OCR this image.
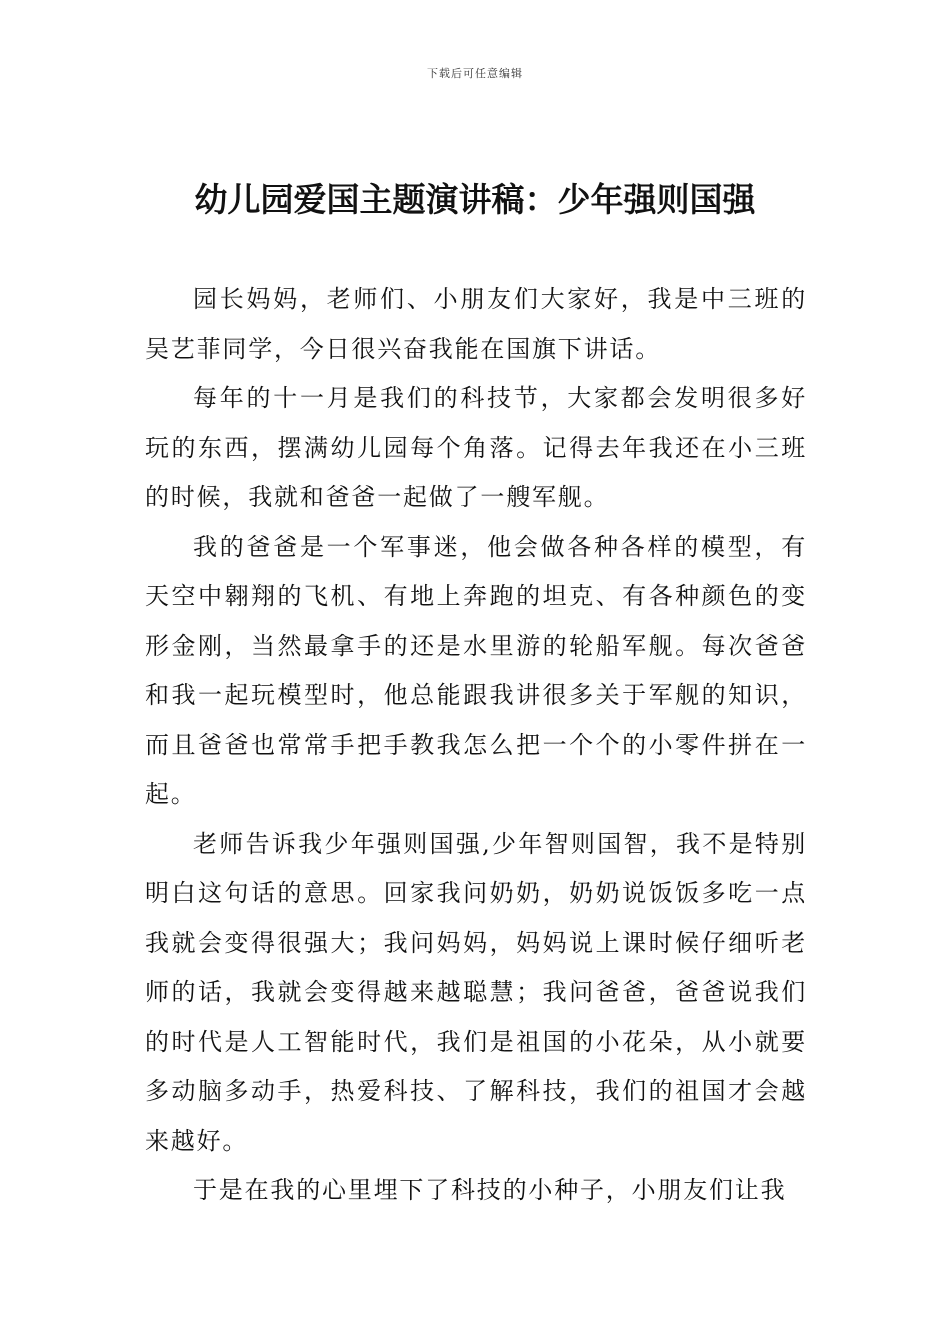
下载后可任意编辑
幼儿园爱国主题演讲稿：少年强则国强

园长妈妈，老师们、小朋友们大家好，我是中三班的吴艺菲同学，今日很兴奋我能在国旗下讲话。

每年的十一月是我们的科技节，大家都会发明很多好玩的东西，摆满幼儿园每个角落。记得去年我还在小三班的时候，我就和爸爸一起做了一艘军舰。

我的爸爸是一个军事迷，他会做各种各样的模型，有天空中翱翔的飞机、有地上奔跑的坦克、有各种颜色的变形金刚，当然最拿手的还是水里游的轮船军舰。每次爸爸和我一起玩模型时，他总能跟我讲很多关于军舰的知识，而且爸爸也常常手把手教我怎么把一个个的小零件拼在一起。

老师告诉我少年强则国强,少年智则国智，我不是特别明白这句话的意思。回家我问奶奶，奶奶说饭饭多吃一点我就会变得很强大；我问妈妈，妈妈说上课时候仔细听老师的话，我就会变得越来越聪慧；我问爸爸，爸爸说我们的时代是人工智能时代，我们是祖国的小花朵，从小就要多动脑多动手，热爱科技、了解科技，我们的祖国才会越来越好。

于是在我的心里埋下了科技的小种子，小朋友们让我
